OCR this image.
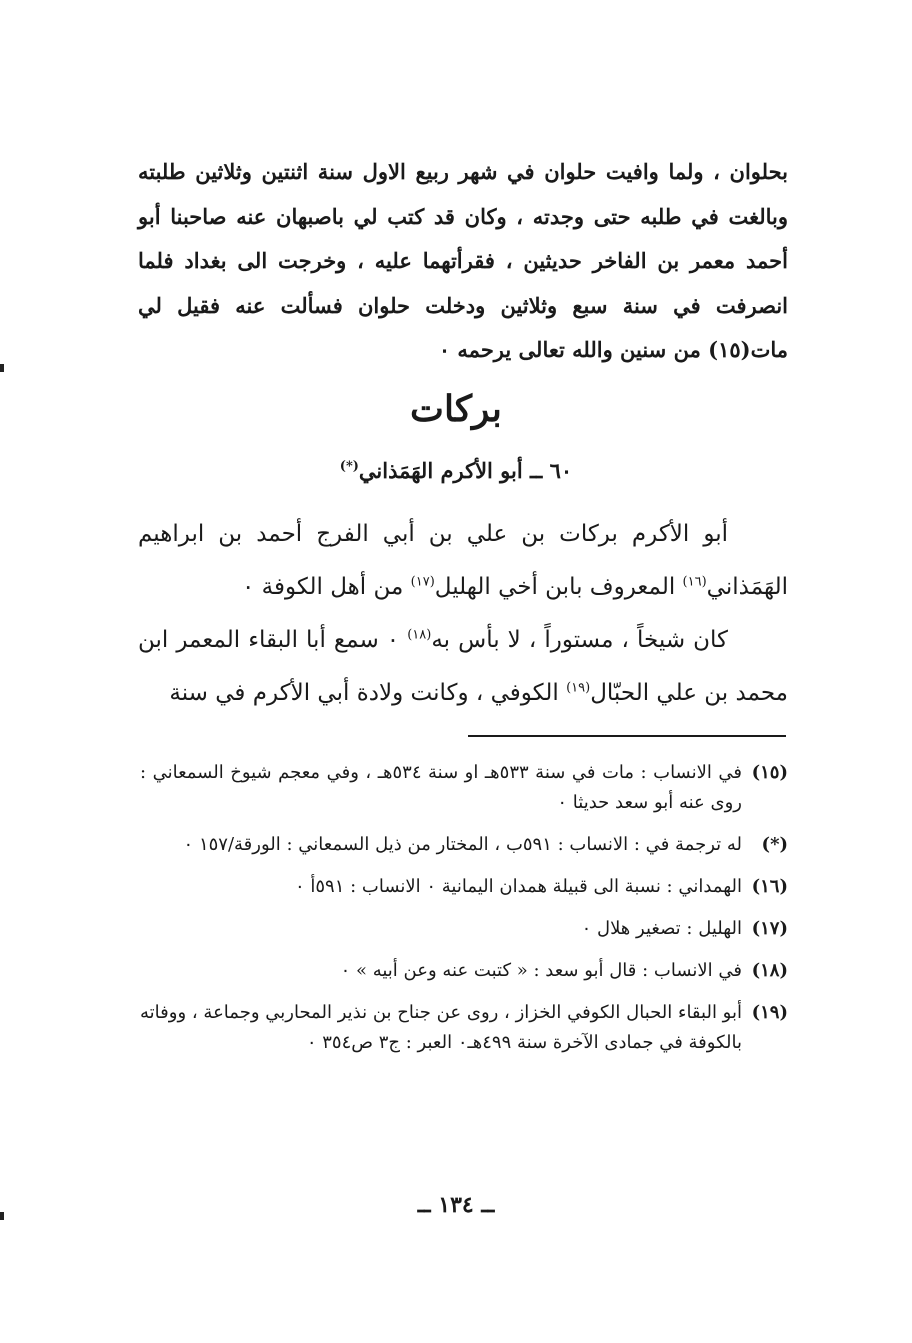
بحلوان ، ولما وافيت حلوان في شهر ربيع الاول سنة اثنتين وثلاثين طلبته وبالغت في طلبه حتى وجدته ، وكان قد كتب لي باصبهان عنه صاحبنا أبو أحمد معمر بن الفاخر حديثين ، فقرأتهما عليه ، وخرجت الى بغداد فلما انصرفت في سنة سبع وثلاثين ودخلت حلوان فسألت عنه فقيل لي مات(١٥) من سنين والله تعالى يرحمه ٠

بركات
٦٠ ــ أبو الأكرم الهَمَذاني(*)

أبو الأكرم بركات بن علي بن أبي الفرج أحمد بن ابراهيم الهَمَذاني$^{(١٦)}$ المعروف بابن أخي الهليل$^{(١٧)}$ من أهل الكوفة ٠

كان شيخاً ، مستوراً ، لا بأس به$^{(١٨)}$ ٠ سمع أبا البقاء المعمر ابن محمد بن علي الحبّال$^{(١٩)}$ الكوفي ، وكانت ولادة أبي الأكرم في سنة

(١٥)
في الانساب : مات في سنة ٥٣٣هـ او سنة ٥٣٤هـ ، وفي معجم شيوخ السمعاني : روى عنه أبو سعد حديثا ٠
(*)
له ترجمة في : الانساب : ٥٩١ب ، المختار من ذيل السمعاني : الورقة/١٥٧ ٠
(١٦)
الهمداني : نسبة الى قبيلة همدان اليمانية ٠ الانساب : ٥٩١أ ٠
(١٧)
الهليل : تصغير هلال ٠
(١٨)
في الانساب : قال أبو سعد : « كتبت عنه وعن أبيه » ٠
(١٩)
أبو البقاء الحبال الكوفي الخزاز ، روى عن جناح بن نذير المحاربي وجماعة ، ووفاته بالكوفة في جمادى الآخرة سنة ٤٩٩هـ٠ العبر : ج٣ ص٣٥٤ ٠

ــ ١٣٤ ــ
